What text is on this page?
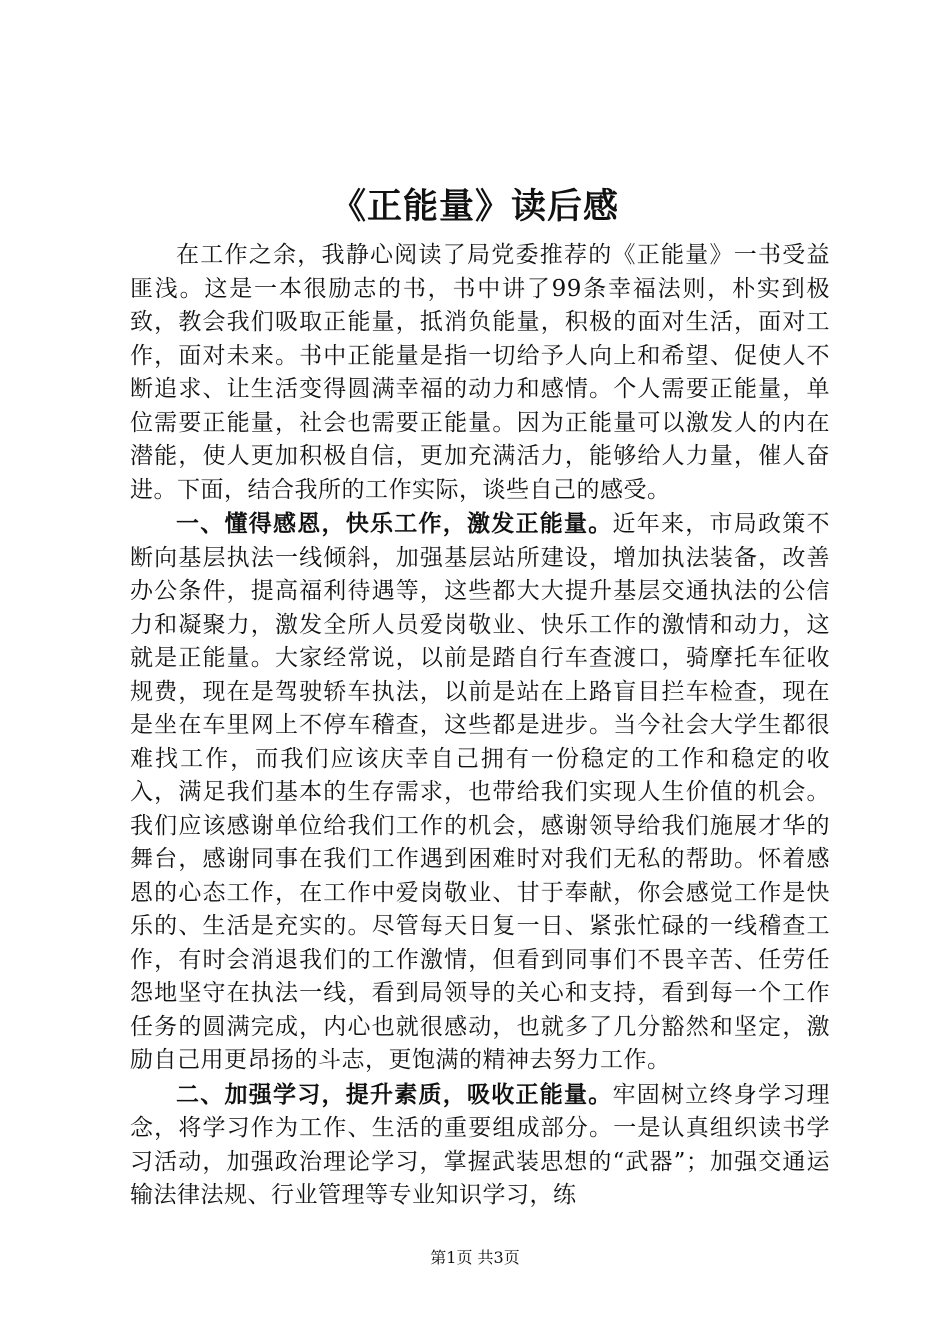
《正能量》读后感

在工作之余，我静心阅读了局党委推荐的《正能量》一书受益匪浅。这是一本很励志的书，书中讲了99条幸福法则，朴实到极致，教会我们吸取正能量，抵消负能量，积极的面对生活，面对工作，面对未来。书中正能量是指一切给予人向上和希望、促使人不断追求、让生活变得圆满幸福的动力和感情。个人需要正能量，单位需要正能量，社会也需要正能量。因为正能量可以激发人的内在潜能，使人更加积极自信，更加充满活力，能够给人力量，催人奋进。下面，结合我所的工作实际，谈些自己的感受。

一、懂得感恩，快乐工作，激发正能量。近年来，市局政策不断向基层执法一线倾斜，加强基层站所建设，增加执法装备，改善办公条件，提高福利待遇等，这些都大大提升基层交通执法的公信力和凝聚力，激发全所人员爱岗敬业、快乐工作的激情和动力，这就是正能量。大家经常说，以前是踏自行车查渡口，骑摩托车征收规费，现在是驾驶轿车执法，以前是站在上路盲目拦车检查，现在是坐在车里网上不停车稽查，这些都是进步。当今社会大学生都很难找工作，而我们应该庆幸自己拥有一份稳定的工作和稳定的收入，满足我们基本的生存需求，也带给我们实现人生价值的机会。我们应该感谢单位给我们工作的机会，感谢领导给我们施展才华的舞台，感谢同事在我们工作遇到困难时对我们无私的帮助。怀着感恩的心态工作，在工作中爱岗敬业、甘于奉献，你会感觉工作是快乐的、生活是充实的。尽管每天日复一日、紧张忙碌的一线稽查工作，有时会消退我们的工作激情，但看到同事们不畏辛苦、任劳任怨地坚守在执法一线，看到局领导的关心和支持，看到每一个工作任务的圆满完成，内心也就很感动，也就多了几分豁然和坚定，激励自己用更昂扬的斗志，更饱满的精神去努力工作。

二、加强学习，提升素质，吸收正能量。牢固树立终身学习理念，将学习作为工作、生活的重要组成部分。一是认真组织读书学习活动，加强政治理论学习，掌握武装思想的“武器”；加强交通运输法律法规、行业管理等专业知识学习，练

第1页 共3页
